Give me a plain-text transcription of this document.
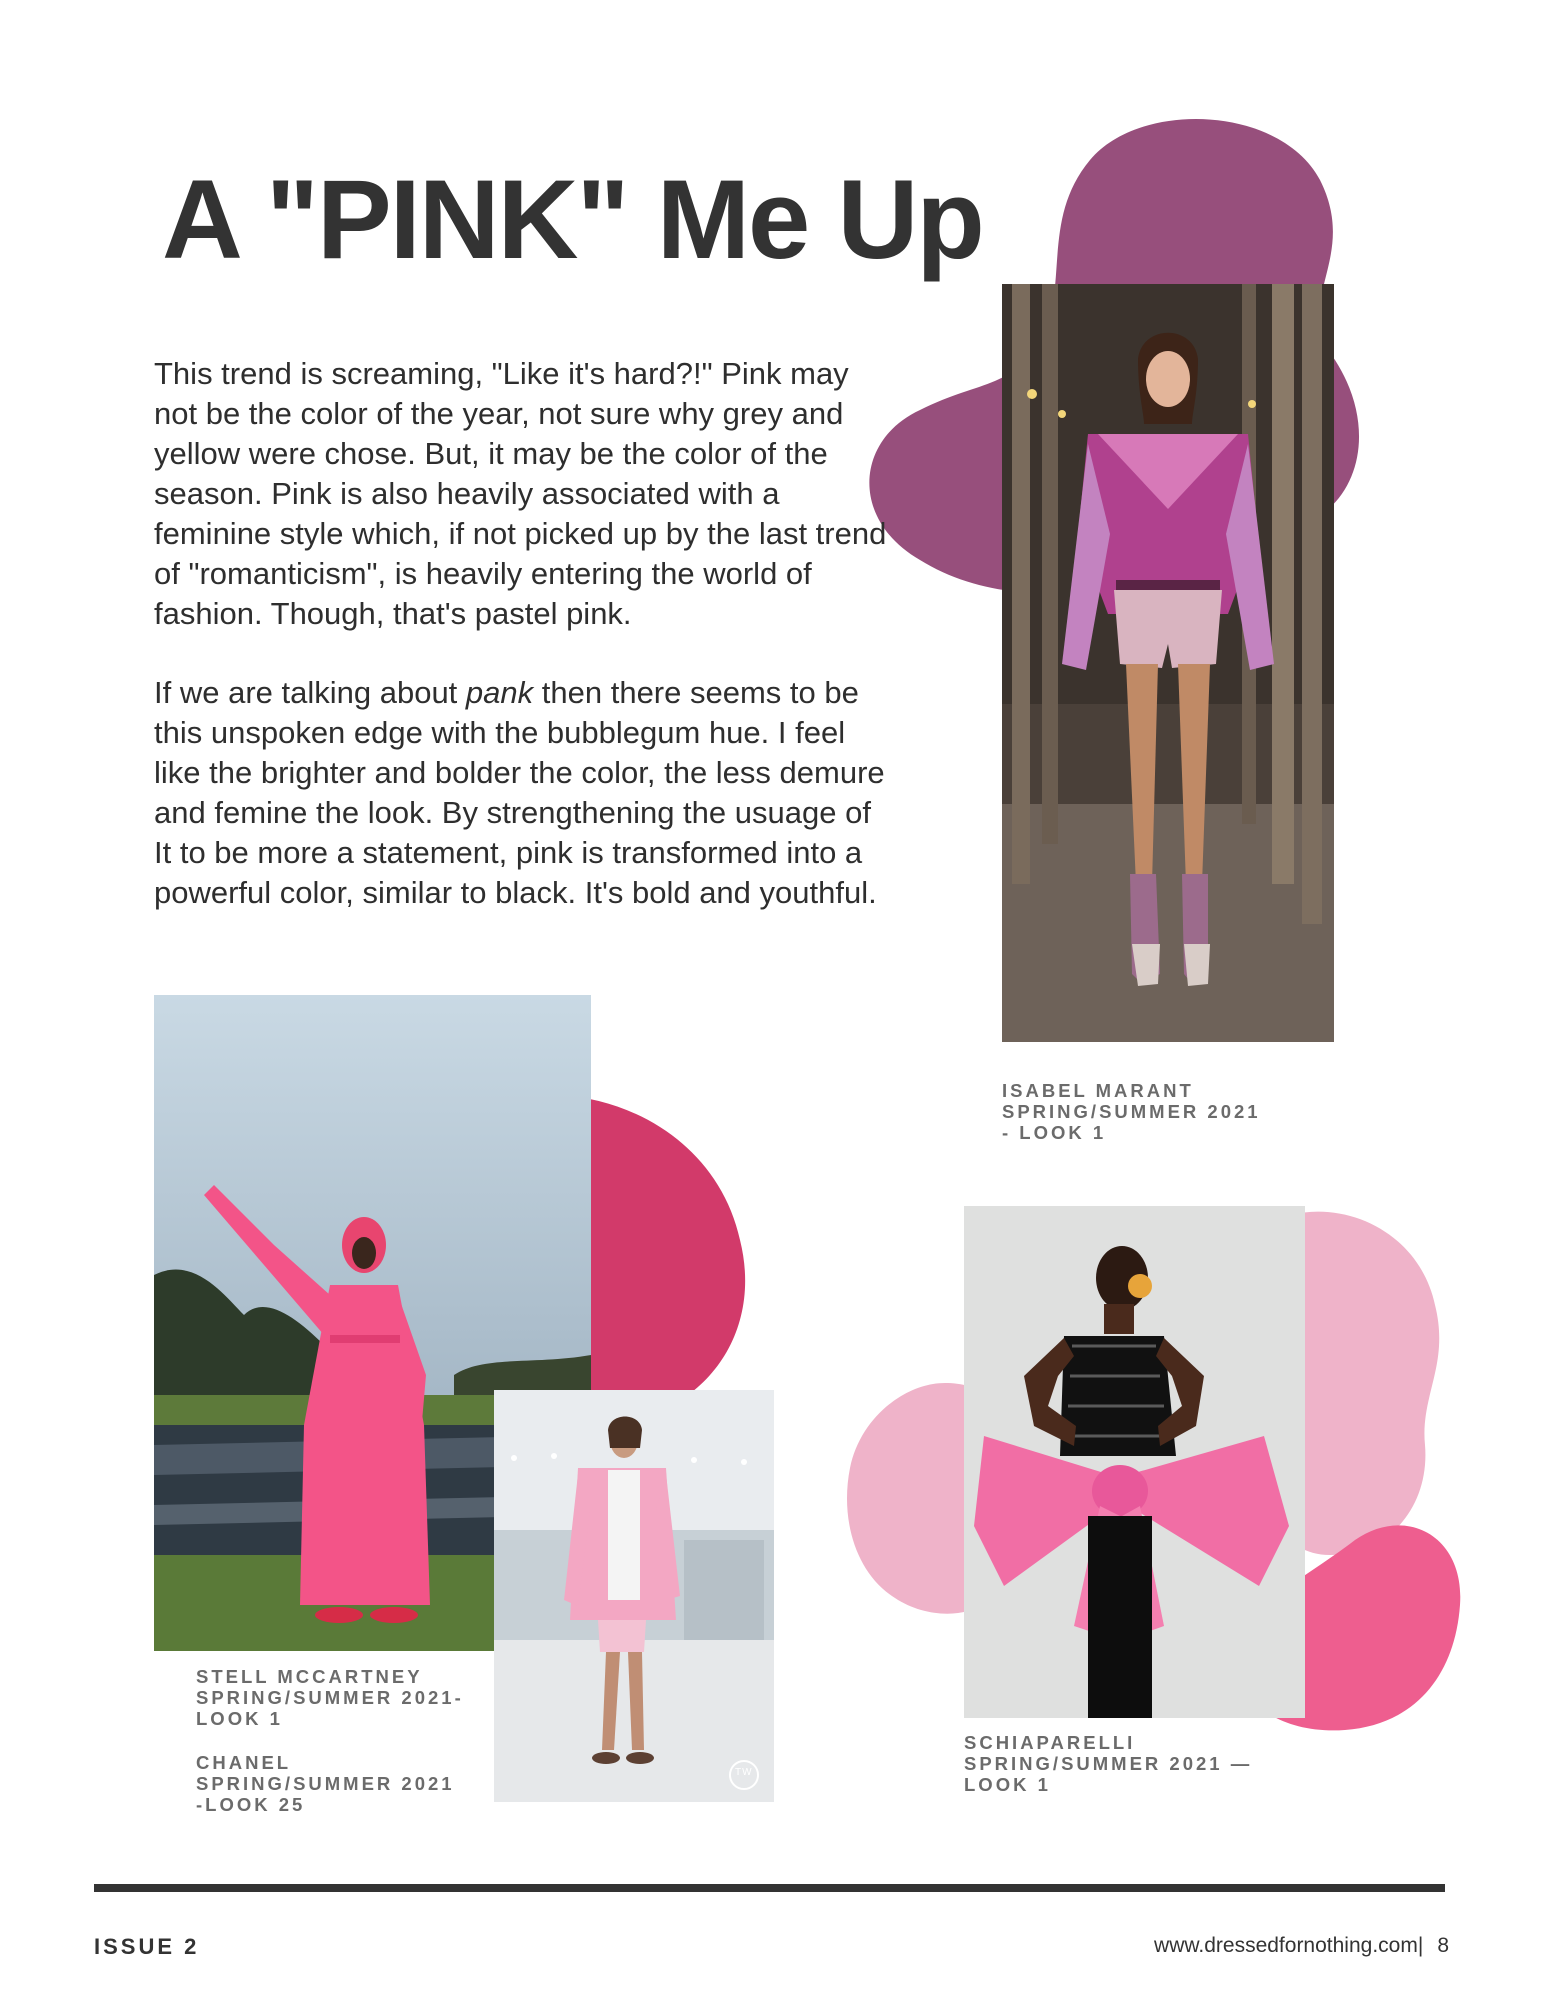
A "PINK" Me Up

This trend is screaming, "Like it's hard?!" Pink may not be the color of the year, not sure why grey and yellow were chose. But, it may be the color of the season. Pink is also heavily associated with a feminine style which, if not picked up by the last trend of "romanticism", is heavily entering the world of fashion. Though, that's pastel pink.

If we are talking about pank then there seems to be this unspoken edge with the bubblegum hue. I feel like the brighter and bolder the color, the less demure and femine the look. By strengthening the usuage of It to be more a statement, pink is transformed into a powerful color, similar to black. It's bold and youthful.

ISABEL MARANT
SPRING/SUMMER 2021
- LOOK 1
STELL MCCARTNEY
SPRING/SUMMER 2021-
LOOK 1
CHANEL
SPRING/SUMMER 2021
-LOOK 25
TW
SCHIAPARELLI
SPRING/SUMMER 2021 —
LOOK 1
ISSUE 2	www.dressedfornothing.com| 8
